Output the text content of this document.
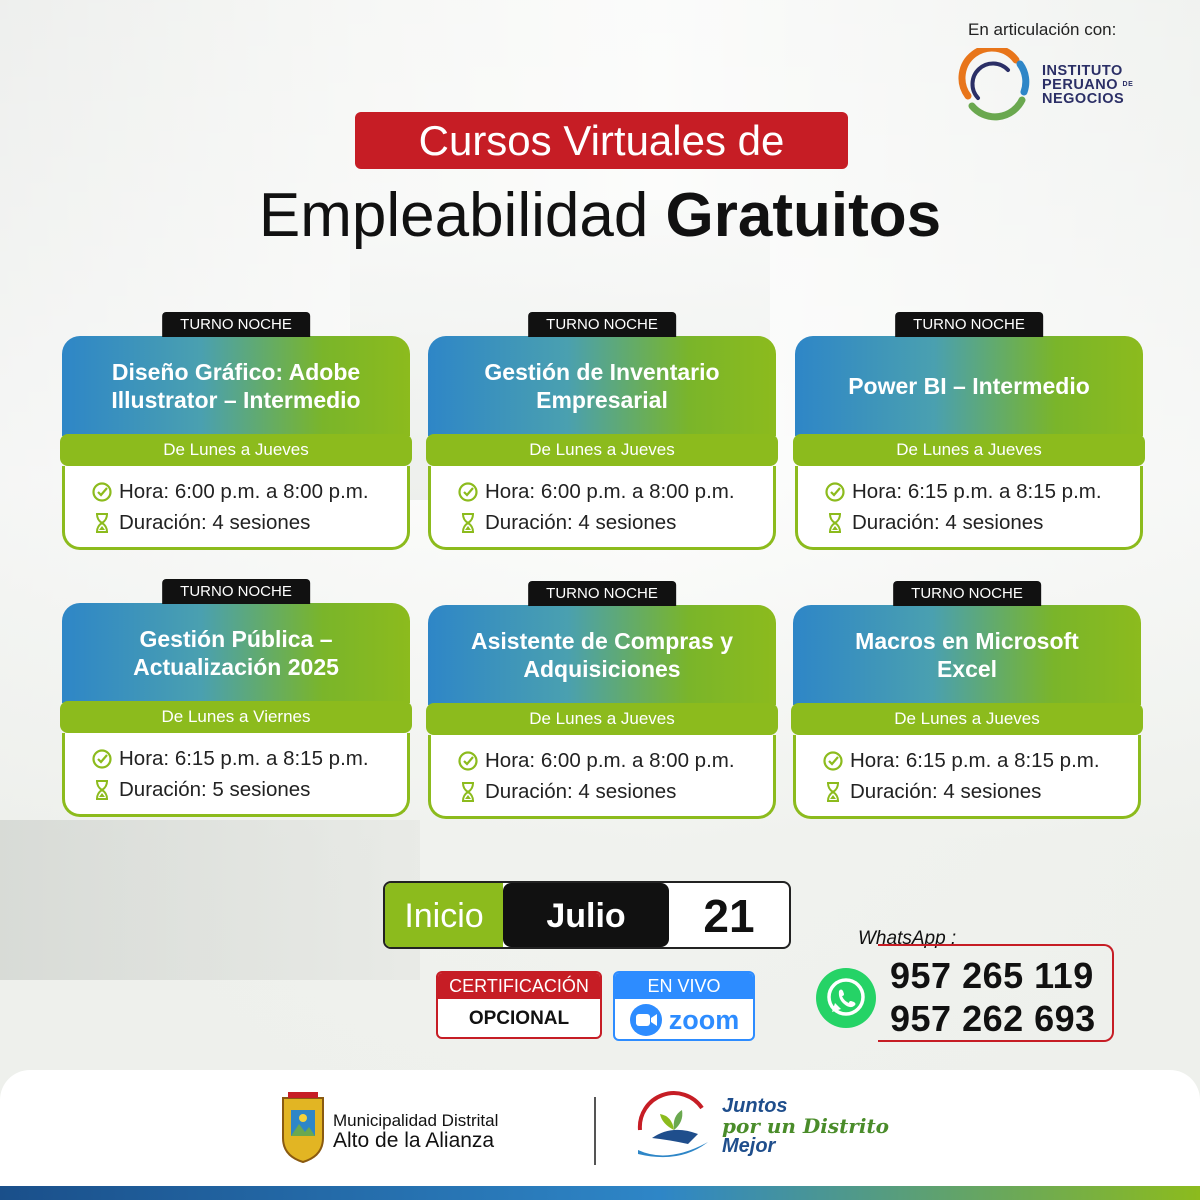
En articulación con:
INSTITUTO
PERUANO DE
NEGOCIOS
Cursos Virtuales de
Empleabilidad Gratuitos
TURNO NOCHE
Diseño Gráfico: Adobe Illustrator – Intermedio
De Lunes a Jueves
Hora: 6:00 p.m. a 8:00 p.m.
Duración: 4 sesiones
TURNO NOCHE
Gestión de Inventario Empresarial
De Lunes a Jueves
Hora: 6:00 p.m. a 8:00 p.m.
Duración: 4 sesiones
TURNO NOCHE
Power BI – Intermedio
De Lunes a Jueves
Hora: 6:15 p.m. a 8:15 p.m.
Duración: 4 sesiones
TURNO NOCHE
Gestión Pública – Actualización 2025
De Lunes a Viernes
Hora: 6:15 p.m. a 8:15 p.m.
Duración: 5 sesiones
TURNO NOCHE
Asistente de Compras y Adquisiciones
De Lunes a Jueves
Hora: 6:00 p.m. a 8:00 p.m.
Duración: 4 sesiones
TURNO NOCHE
Macros en Microsoft Excel
De Lunes a Jueves
Hora: 6:15 p.m. a 8:15 p.m.
Duración: 4 sesiones
Inicio	Julio	21
CERTIFICACIÓN
OPCIONAL
EN VIVO
zoom
WhatsApp :
957 265 119
957 262 693
Municipalidad Distrital
Alto de la Alianza
Juntos
por un Distrito
Mejor
